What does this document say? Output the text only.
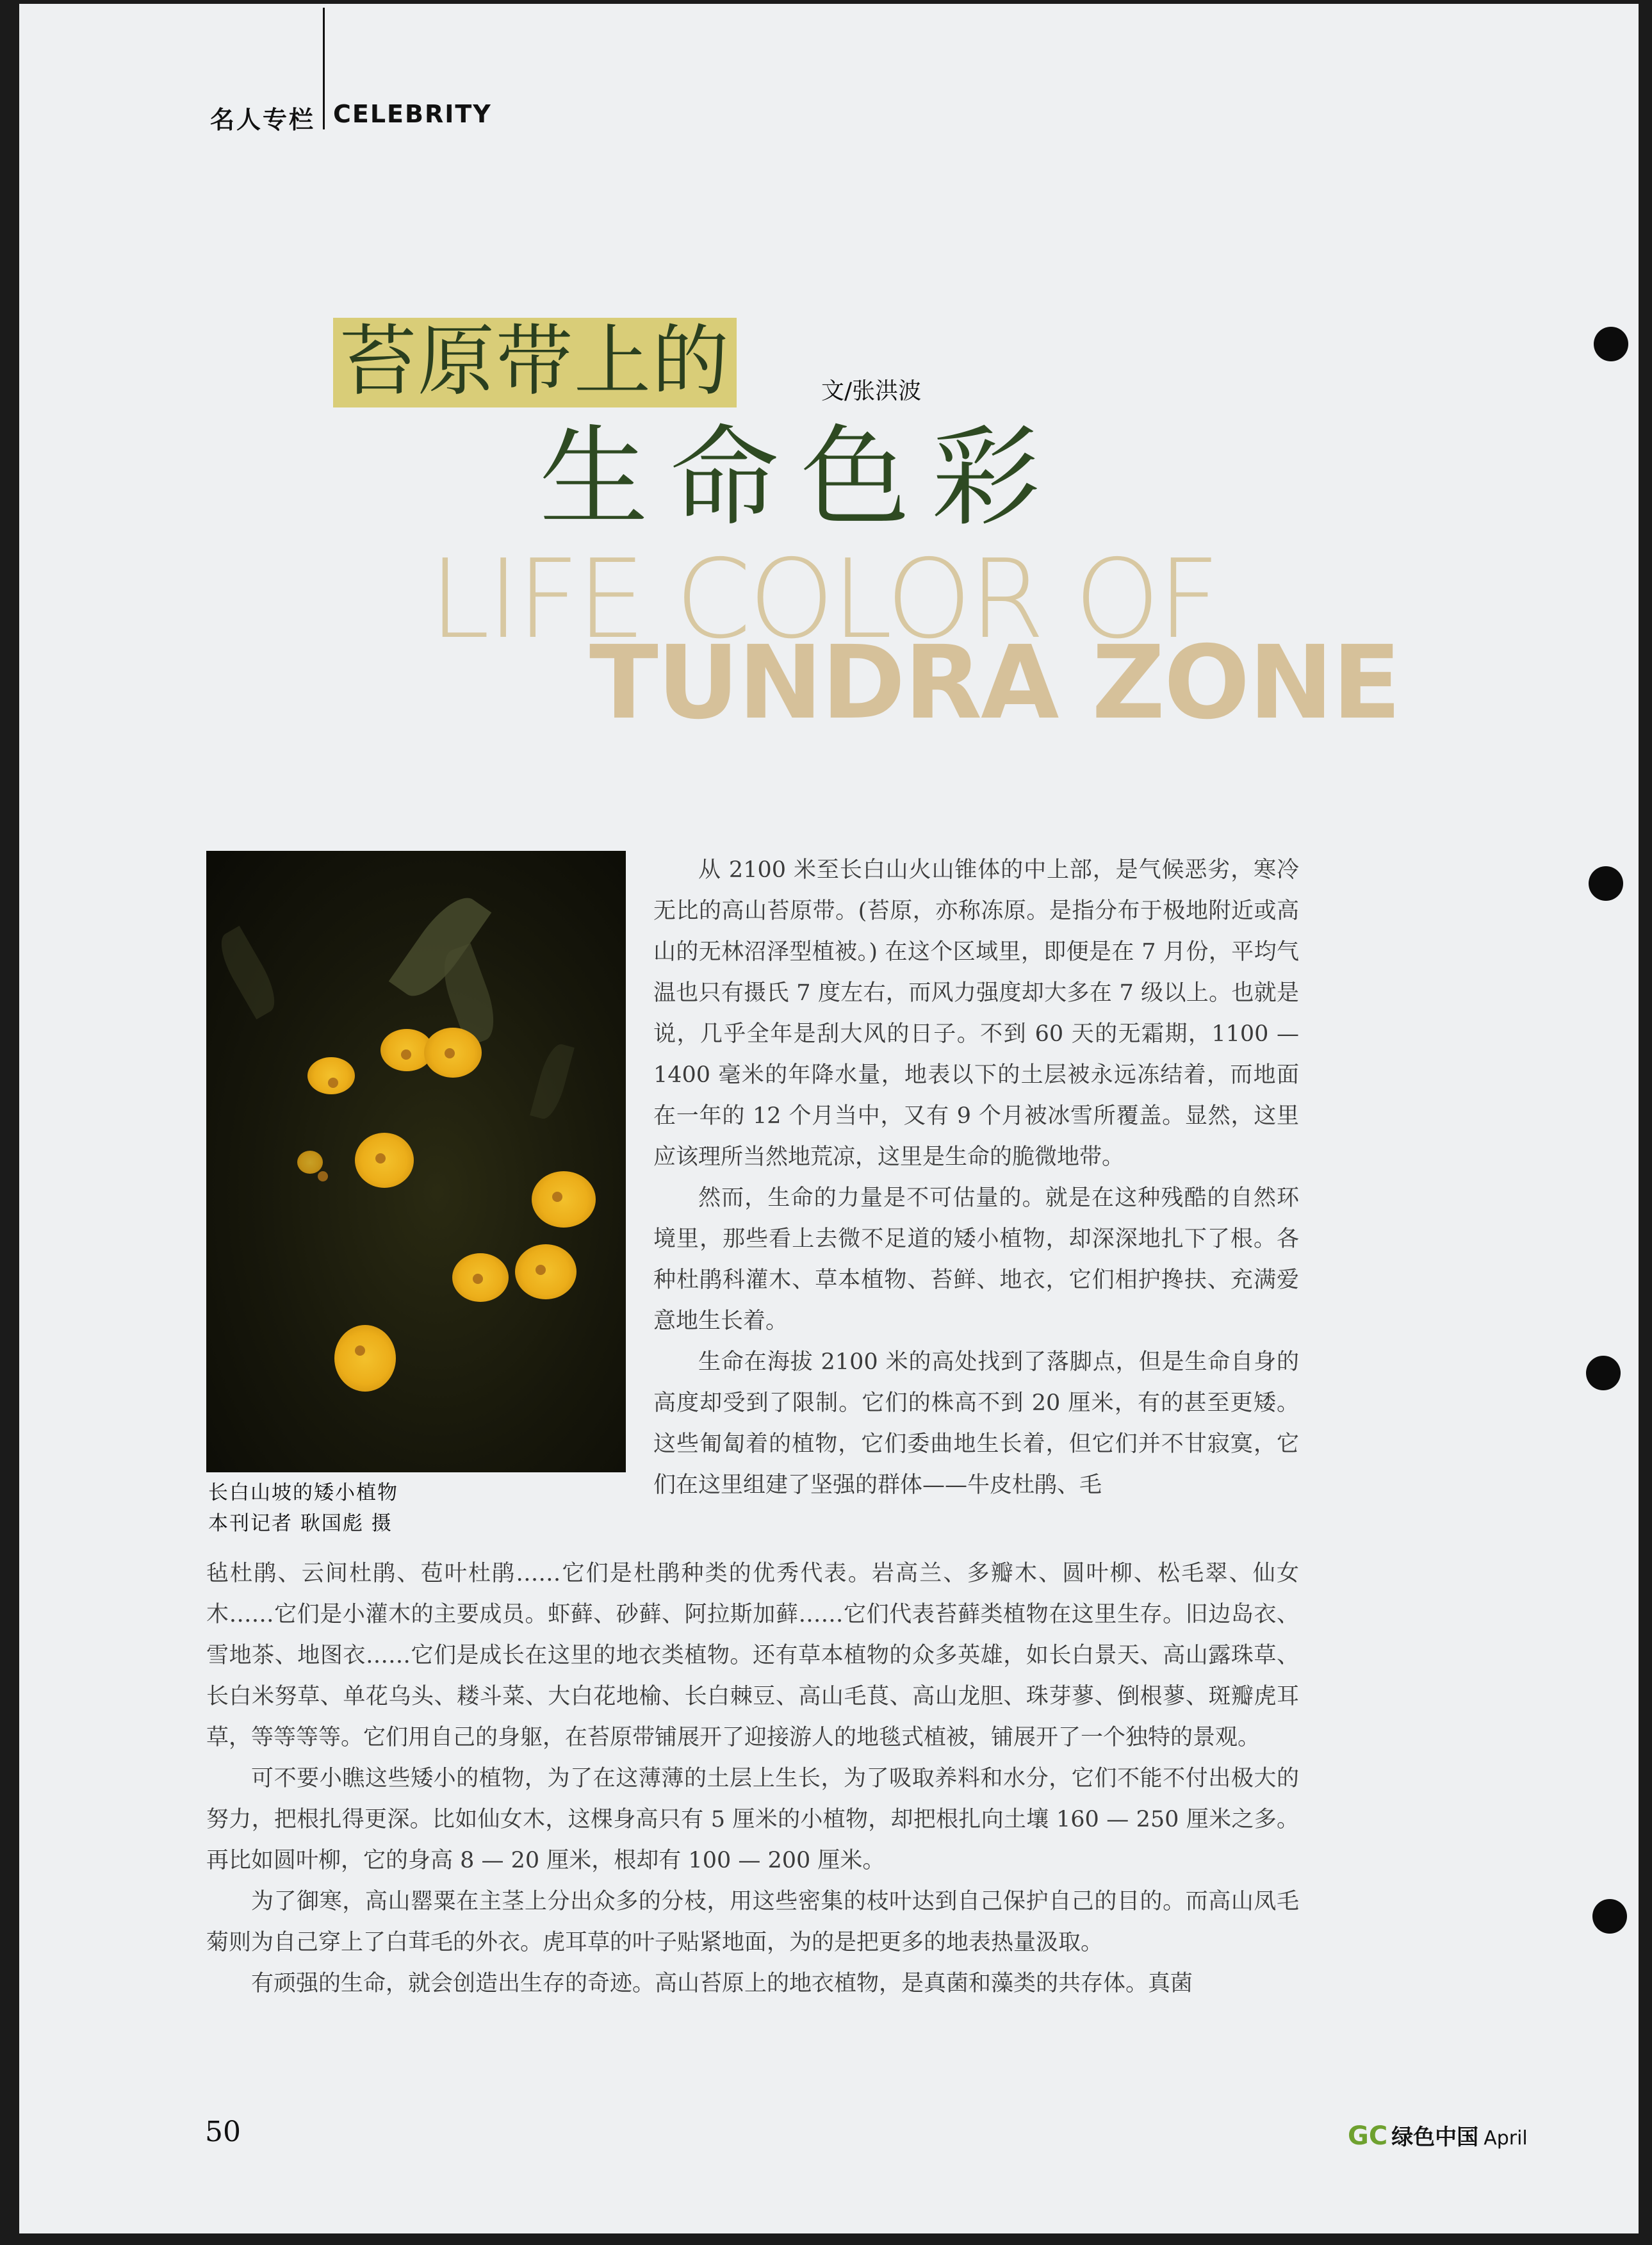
名人专栏 CELEBRITY
苔原带上的	文/张洪波
生命色彩
LIFE COLOR OF
TUNDRA ZONE
长白山坡的矮小植物
本刊记者 耿国彪 摄

从 2100 米至长白山火山锥体的中上部，是气候恶劣，寒冷无比的高山苔原带。(苔原，亦称冻原。是指分布于极地附近或高山的无林沼泽型植被。) 在这个区域里，即便是在 7 月份，平均气温也只有摄氏 7 度左右，而风力强度却大多在 7 级以上。也就是说，几乎全年是刮大风的日子。不到 60 天的无霜期，1100 — 1400 毫米的年降水量，地表以下的土层被永远冻结着，而地面在一年的 12 个月当中，又有 9 个月被冰雪所覆盖。显然，这里应该理所当然地荒凉，这里是生命的脆微地带。

然而，生命的力量是不可估量的。就是在这种残酷的自然环境里，那些看上去微不足道的矮小植物，却深深地扎下了根。各种杜鹃科灌木、草本植物、苔鲜、地衣，它们相护搀扶、充满爱意地生长着。

生命在海拔 2100 米的高处找到了落脚点，但是生命自身的高度却受到了限制。它们的株高不到 20 厘米，有的甚至更矮。这些匍匐着的植物，它们委曲地生长着，但它们并不甘寂寞，它们在这里组建了坚强的群体——牛皮杜鹃、毛

毡杜鹃、云间杜鹃、苞叶杜鹃……它们是杜鹃种类的优秀代表。岩高兰、多瓣木、圆叶柳、松毛翠、仙女木……它们是小灌木的主要成员。虾藓、砂藓、阿拉斯加藓……它们代表苔藓类植物在这里生存。旧边岛衣、雪地茶、地图衣……它们是成长在这里的地衣类植物。还有草本植物的众多英雄，如长白景天、高山露珠草、长白米努草、单花乌头、耧斗菜、大白花地榆、长白棘豆、高山毛茛、高山龙胆、珠芽蓼、倒根蓼、斑瓣虎耳草，等等等等。它们用自己的身躯，在苔原带铺展开了迎接游人的地毯式植被，铺展开了一个独特的景观。

可不要小瞧这些矮小的植物，为了在这薄薄的土层上生长，为了吸取养料和水分，它们不能不付出极大的努力，把根扎得更深。比如仙女木，这棵身高只有 5 厘米的小植物，却把根扎向土壤 160 — 250 厘米之多。再比如圆叶柳，它的身高 8 — 20 厘米，根却有 100 — 200 厘米。

为了御寒，高山罂粟在主茎上分出众多的分枝，用这些密集的枝叶达到自己保护自己的目的。而高山凤毛菊则为自己穿上了白茸毛的外衣。虎耳草的叶子贴紧地面，为的是把更多的地表热量汲取。

有顽强的生命，就会创造出生存的奇迹。高山苔原上的地衣植物，是真菌和藻类的共存体。真菌

50	GC 绿色中国 April
